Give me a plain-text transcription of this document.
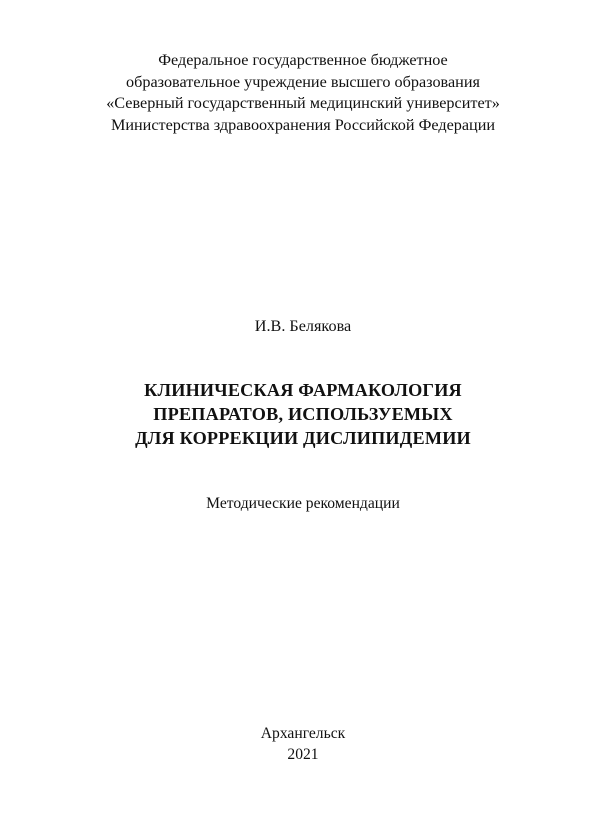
Федеральное государственное бюджетное
образовательное учреждение высшего образования
«Северный государственный медицинский университет»
Министерства здравоохранения Российской Федерации
И.В. Белякова
КЛИНИЧЕСКАЯ ФАРМАКОЛОГИЯ
ПРЕПАРАТОВ, ИСПОЛЬЗУЕМЫХ
ДЛЯ КОРРЕКЦИИ ДИСЛИПИДЕМИИ
Методические рекомендации
Архангельск
2021
